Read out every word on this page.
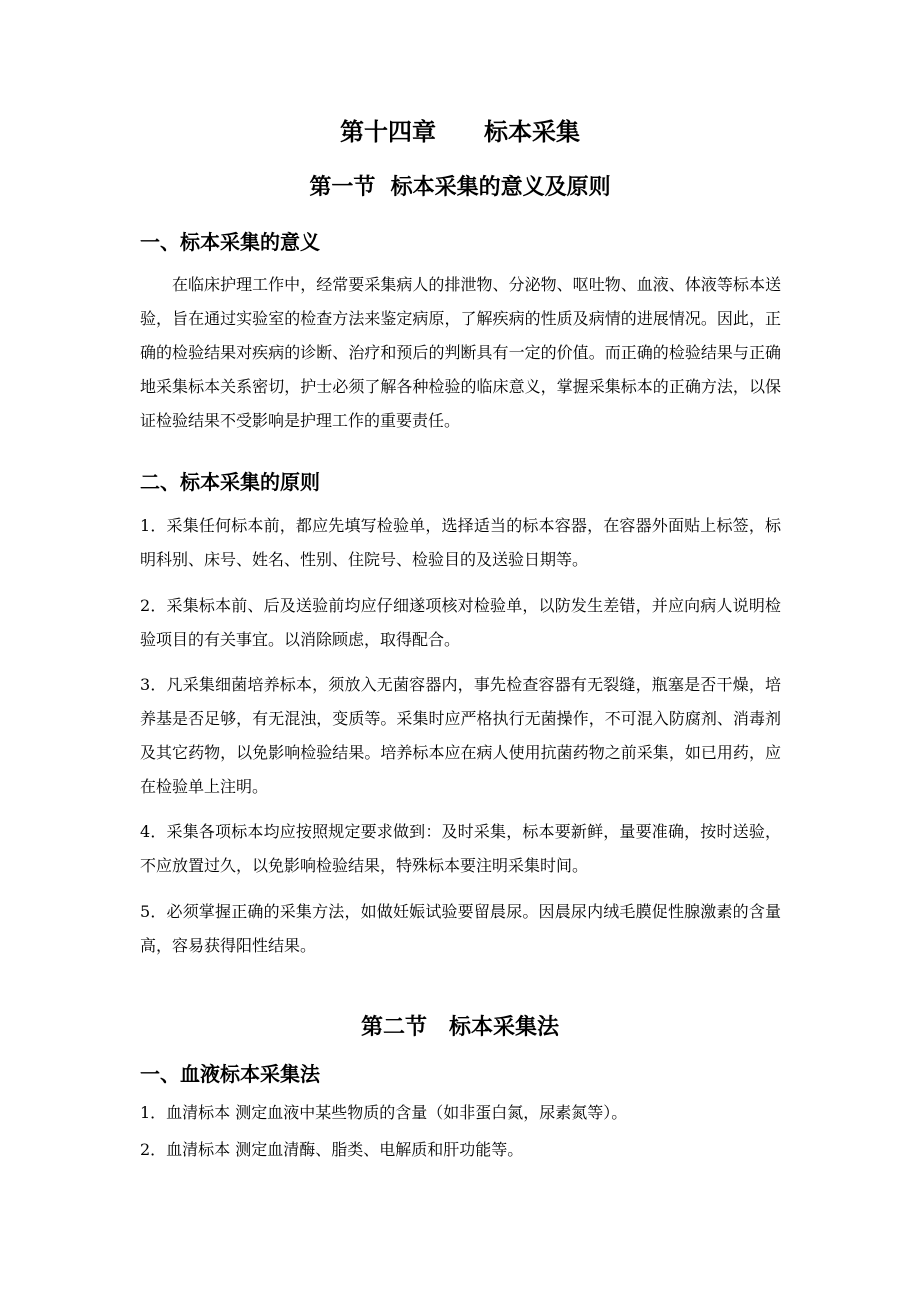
第十四章　　标本采集
第一节  标本采集的意义及原则
一、标本采集的意义
在临床护理工作中，经常要采集病人的排泄物、分泌物、呕吐物、血液、体液等标本送
验，旨在通过实验室的检查方法来鉴定病原，了解疾病的性质及病情的进展情况。因此，正
确的检验结果对疾病的诊断、治疗和预后的判断具有一定的价值。而正确的检验结果与正确
地采集标本关系密切，护士必须了解各种检验的临床意义，掌握采集标本的正确方法，以保
证检验结果不受影响是护理工作的重要责任。
二、标本采集的原则
1．采集任何标本前，都应先填写检验单，选择适当的标本容器，在容器外面贴上标签，标
明科别、床号、姓名、性别、住院号、检验目的及送验日期等。
2．采集标本前、后及送验前均应仔细遂项核对检验单，以防发生差错，并应向病人说明检
验项目的有关事宜。以消除顾虑，取得配合。
3．凡采集细菌培养标本，须放入无菌容器内，事先检查容器有无裂缝，瓶塞是否干燥，培
养基是否足够，有无混浊，变质等。采集时应严格执行无菌操作，不可混入防腐剂、消毒剂
及其它药物，以免影响检验结果。培养标本应在病人使用抗菌药物之前采集，如已用药，应
在检验单上注明。
4．采集各项标本均应按照规定要求做到：及时采集，标本要新鲜，量要准确，按时送验，
不应放置过久，以免影响检验结果，特殊标本要注明采集时间。
5．必须掌握正确的采集方法，如做妊娠试验要留晨尿。因晨尿内绒毛膜促性腺激素的含量
高，容易获得阳性结果。
第二节　标本采集法
一、血液标本采集法

1．血清标本 测定血液中某些物质的含量（如非蛋白氮，尿素氮等）。

2．血清标本 测定血清酶、脂类、电解质和肝功能等。
